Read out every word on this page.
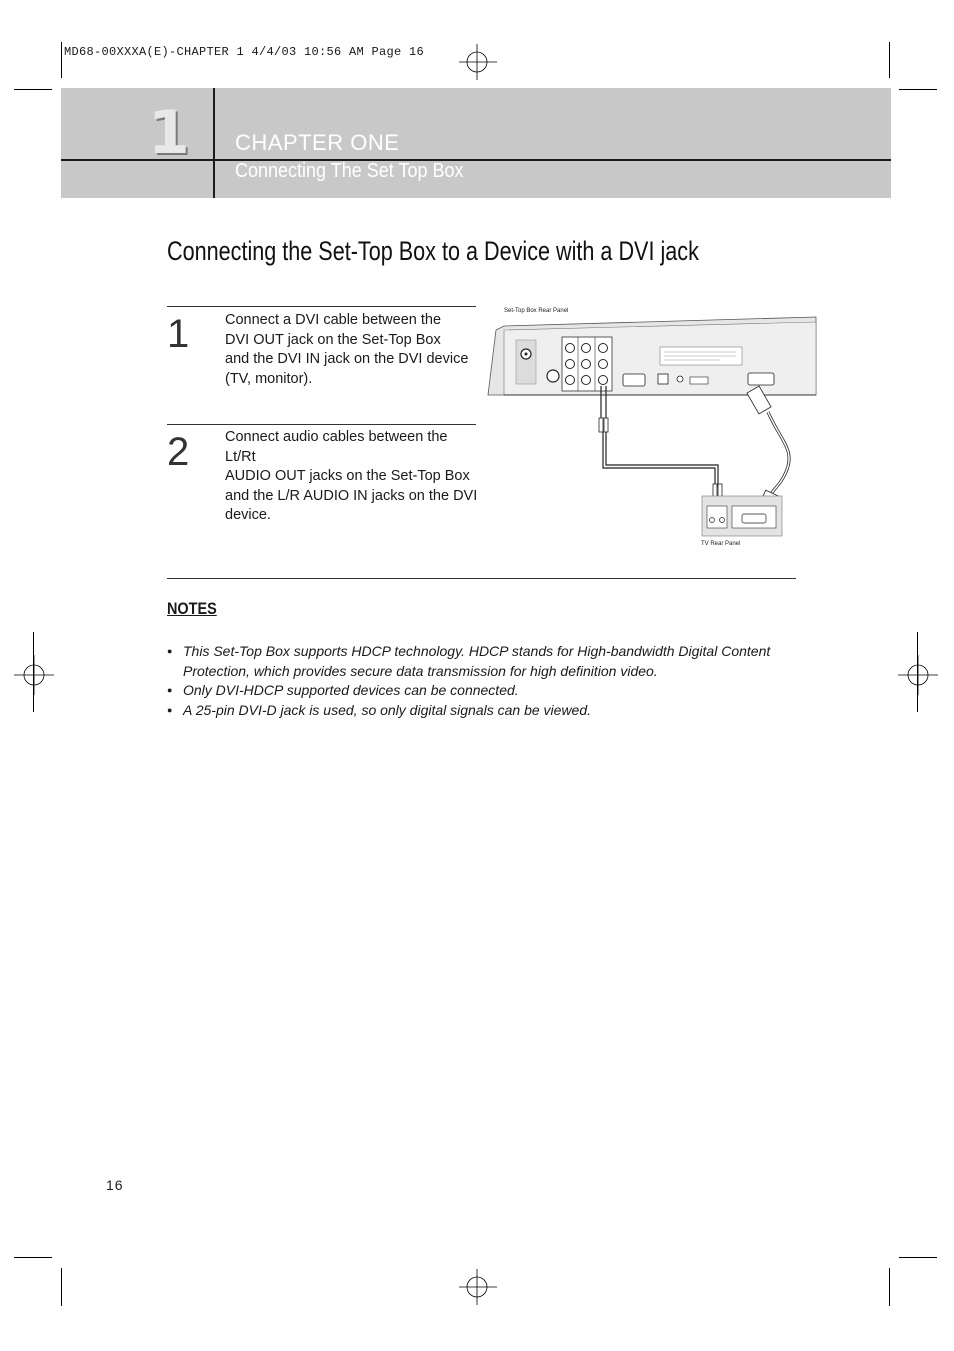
MD68-00XXXA(E)-CHAPTER 1 4/4/03 10:56 AM Page 16
1 CHAPTER ONE
Connecting The Set Top Box
Connecting the Set-Top Box to a Device with a DVI jack
1 Connect a DVI cable between the

DVI OUT jack on the Set-Top Box

and the DVI IN jack on the DVI device

(TV, monitor).

2 Connect audio cables between the Lt/Rt

AUDIO OUT jacks on the Set-Top Box

and the L/R AUDIO IN jacks on the DVI

device.

Set-Top Box Rear Panel
TV Rear Panel
NOTES
● This Set-Top Box supports HDCP technology. HDCP stands for High-bandwidth Digital Content Protection, which provides secure data transmission for high definition video.
● Only DVI-HDCP supported devices can be connected.
● A 25-pin DVI-D jack is used, so only digital signals can be viewed.
16
